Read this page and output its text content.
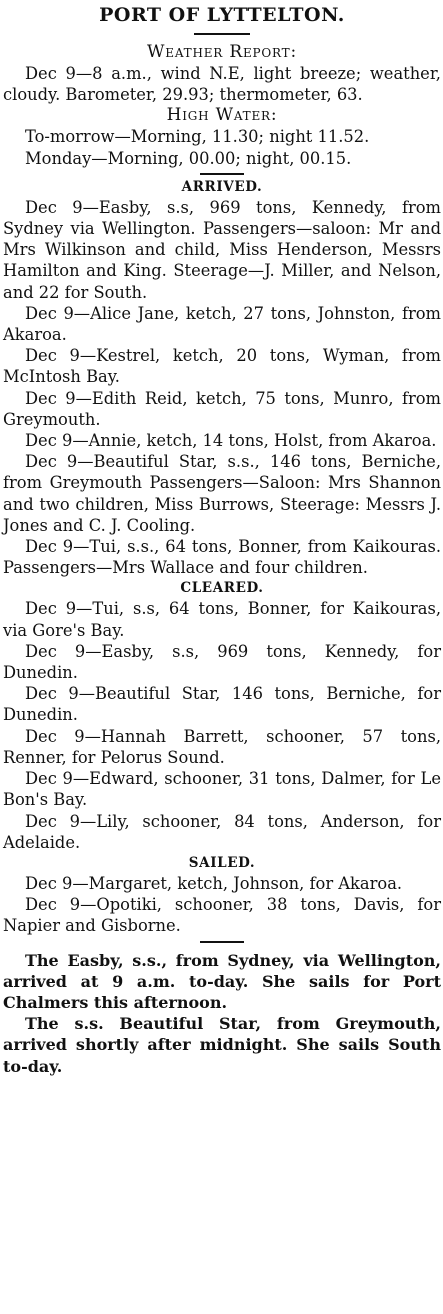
PORT OF LYTTELTON.
Weather Report:

Dec 9—8 a.m., wind N.E, light breeze; weather, cloudy. Barometer, 29.93; thermometer, 63.

High Water:

To-morrow—Morning, 11.30; night 11.52.

Monday—Morning, 00.00; night, 00.15.

ARRIVED.

Dec 9—Easby, s.s, 969 tons, Kennedy, from Sydney via Wellington. Passengers—saloon: Mr and Mrs Wilkinson and child, Miss Henderson, Messrs Hamilton and King. Steerage—J. Miller, and Nelson, and 22 for South.

Dec 9—Alice Jane, ketch, 27 tons, Johnston, from Akaroa.

Dec 9—Kestrel, ketch, 20 tons, Wyman, from McIntosh Bay.

Dec 9—Edith Reid, ketch, 75 tons, Munro, from Greymouth.

Dec 9—Annie, ketch, 14 tons, Holst, from Akaroa.

Dec 9—Beautiful Star, s.s., 146 tons, Berniche, from Greymouth Passengers—Saloon: Mrs Shannon and two children, Miss Burrows, Steerage: Messrs J. Jones and C. J. Cooling.

Dec 9—Tui, s.s., 64 tons, Bonner, from Kaikouras. Passengers—Mrs Wallace and four children.

CLEARED.

Dec 9—Tui, s.s, 64 tons, Bonner, for Kaikouras, via Gore's Bay.

Dec 9—Easby, s.s, 969 tons, Kennedy, for Dunedin.

Dec 9—Beautiful Star, 146 tons, Berniche, for Dunedin.

Dec 9—Hannah Barrett, schooner, 57 tons, Renner, for Pelorus Sound.

Dec 9—Edward, schooner, 31 tons, Dalmer, for Le Bon's Bay.

Dec 9—Lily, schooner, 84 tons, Anderson, for Adelaide.

SAILED.

Dec 9—Margaret, ketch, Johnson, for Akaroa.

Dec 9—Opotiki, schooner, 38 tons, Davis, for Napier and Gisborne.

The Easby, s.s., from Sydney, via Wellington, arrived at 9 a.m. to-day. She sails for Port Chalmers this afternoon.

The s.s. Beautiful Star, from Greymouth, arrived shortly after midnight. She sails South to-day.
